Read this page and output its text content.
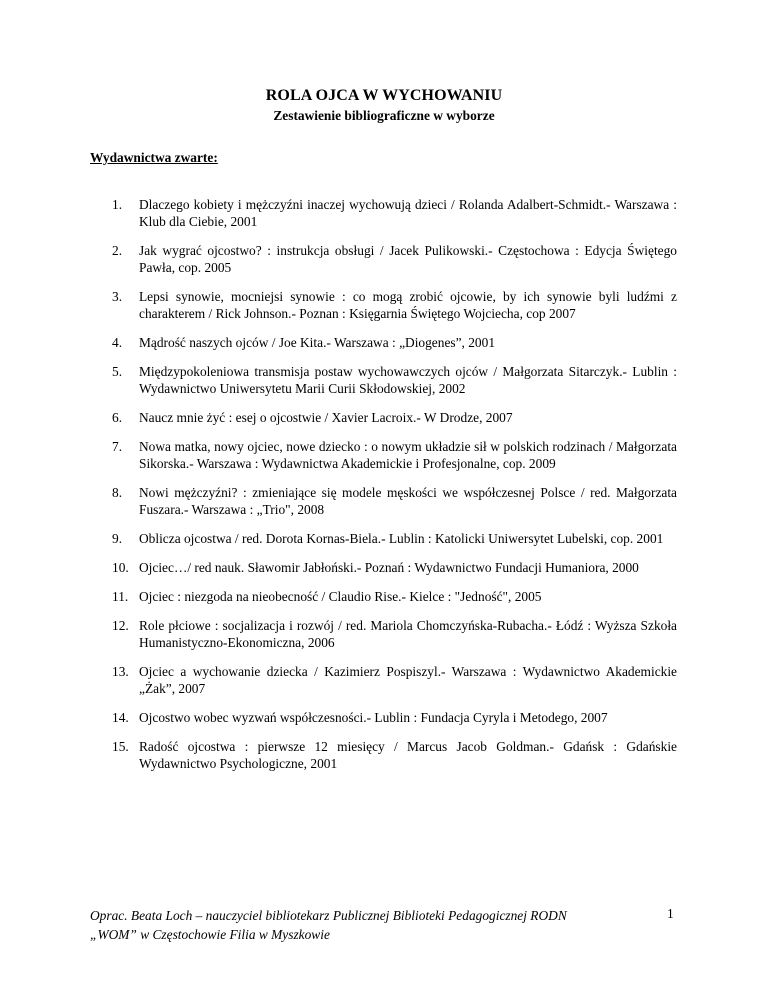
ROLA OJCA W WYCHOWANIU
Zestawienie bibliograficzne w wyborze
Wydawnictwa zwarte:
1. Dlaczego kobiety i mężczyźni inaczej wychowują dzieci / Rolanda Adalbert-Schmidt.- Warszawa : Klub dla Ciebie, 2001
2. Jak wygrać ojcostwo? : instrukcja obsługi / Jacek Pulikowski.- Częstochowa : Edycja Świętego Pawła, cop. 2005
3. Lepsi synowie, mocniejsi synowie : co mogą zrobić ojcowie, by ich synowie byli ludźmi z charakterem / Rick Johnson.- Poznan : Księgarnia Świętego Wojciecha, cop 2007
4. Mądrość naszych ojców / Joe Kita.- Warszawa : „Diogenes”, 2001
5. Międzypokoleniowa transmisja postaw wychowawczych ojców / Małgorzata Sitarczyk.- Lublin : Wydawnictwo Uniwersytetu Marii Curii Skłodowskiej, 2002
6. Naucz mnie żyć : esej o ojcostwie / Xavier Lacroix.- W Drodze, 2007
7. Nowa matka, nowy ojciec, nowe dziecko : o nowym układzie sił w polskich rodzinach / Małgorzata Sikorska.- Warszawa : Wydawnictwa Akademickie i Profesjonalne, cop. 2009
8. Nowi mężczyźni? : zmieniające się modele męskości we współczesnej Polsce / red. Małgorzata Fuszara.- Warszawa : „Trio", 2008
9. Oblicza ojcostwa / red. Dorota Kornas-Biela.- Lublin : Katolicki Uniwersytet Lubelski, cop. 2001
10. Ojciec…/ red nauk. Sławomir Jabłoński.- Poznań : Wydawnictwo Fundacji Humaniora, 2000
11. Ojciec : niezgoda na nieobecność / Claudio Rise.- Kielce : "Jedność", 2005
12. Role płciowe : socjalizacja i rozwój / red. Mariola Chomczyńska-Rubacha.- Łódź : Wyższa Szkoła Humanistyczno-Ekonomiczna, 2006
13. Ojciec a wychowanie dziecka / Kazimierz Pospiszyl.- Warszawa : Wydawnictwo Akademickie „Żak”, 2007
14. Ojcostwo wobec wyzwań współczesności.- Lublin : Fundacja Cyryla i Metodego, 2007
15. Radość ojcostwa : pierwsze 12 miesięcy / Marcus Jacob Goldman.- Gdańsk : Gdańskie Wydawnictwo Psychologiczne, 2001
Oprac. Beata Loch – nauczyciel bibliotekarz Publicznej Biblioteki Pedagogicznej RODN
„WOM” w Częstochowie Filia w Myszkowie
1
